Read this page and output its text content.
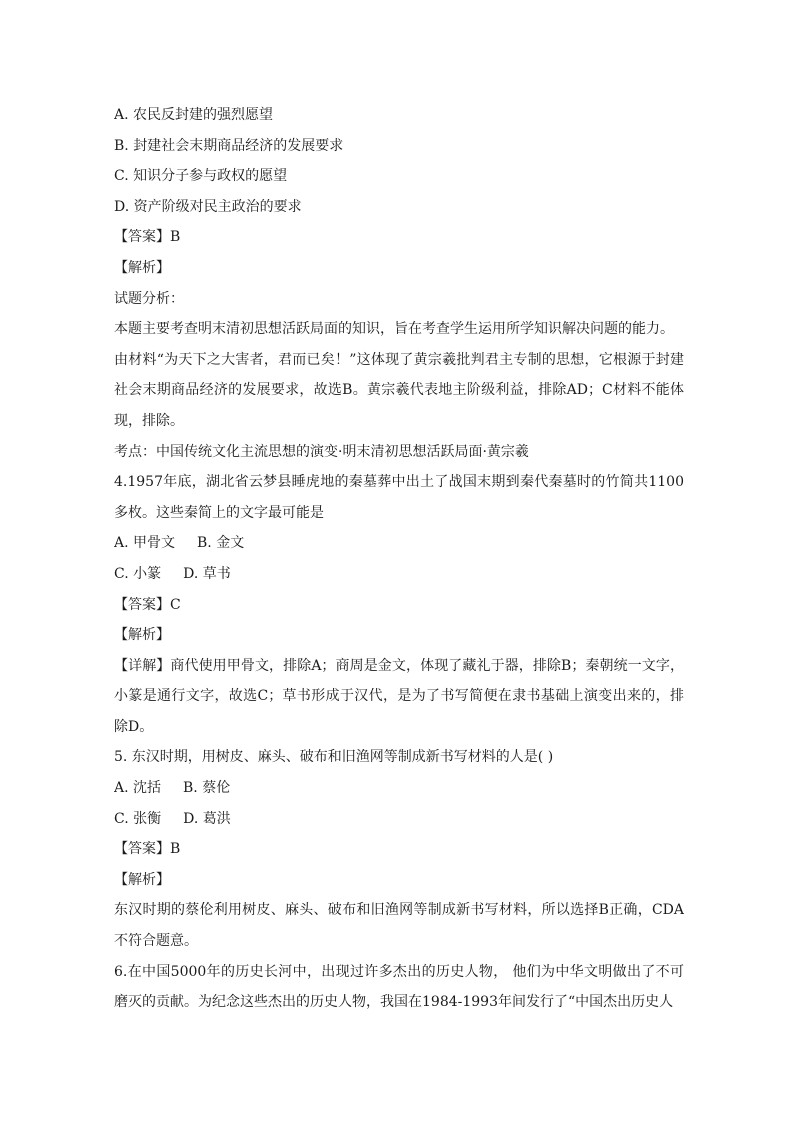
A. 农民反封建的强烈愿望
B. 封建社会末期商品经济的发展要求
C. 知识分子参与政权的愿望
D. 资产阶级对民主政治的要求
【答案】B
【解析】
试题分析：
本题主要考查明末清初思想活跃局面的知识，旨在考查学生运用所学知识解决问题的能力。
由材料“为天下之大害者，君而已矣！”这体现了黄宗羲批判君主专制的思想，它根源于封建社会末期商品经济的发展要求，故选B。黄宗羲代表地主阶级利益，排除AD；C材料不能体现，排除。
考点：中国传统文化主流思想的演变·明末清初思想活跃局面·黄宗羲
4.1957年底，湖北省云梦县睡虎地的秦墓葬中出土了战国末期到秦代秦墓时的竹简共1100多枚。这些秦简上的文字最可能是
A. 甲骨文 B. 金文
C. 小篆 D. 草书
【答案】C
【解析】
【详解】商代使用甲骨文，排除A；商周是金文，体现了藏礼于器，排除B；秦朝统一文字，小篆是通行文字，故选C；草书形成于汉代，是为了书写简便在隶书基础上演变出来的，排除D。
5. 东汉时期，用树皮、麻头、破布和旧渔网等制成新书写材料的人是( )
A. 沈括 B. 蔡伦
C. 张衡 D. 葛洪
【答案】B
【解析】
东汉时期的蔡伦利用树皮、麻头、破布和旧渔网等制成新书写材料，所以选择B正确，CDA不符合题意。
6.在中国5000年的历史长河中，出现过许多杰出的历史人物， 他们为中华文明做出了不可磨灭的贡献。为纪念这些杰出的历史人物，我国在1984-1993年间发行了“中国杰出历史人
